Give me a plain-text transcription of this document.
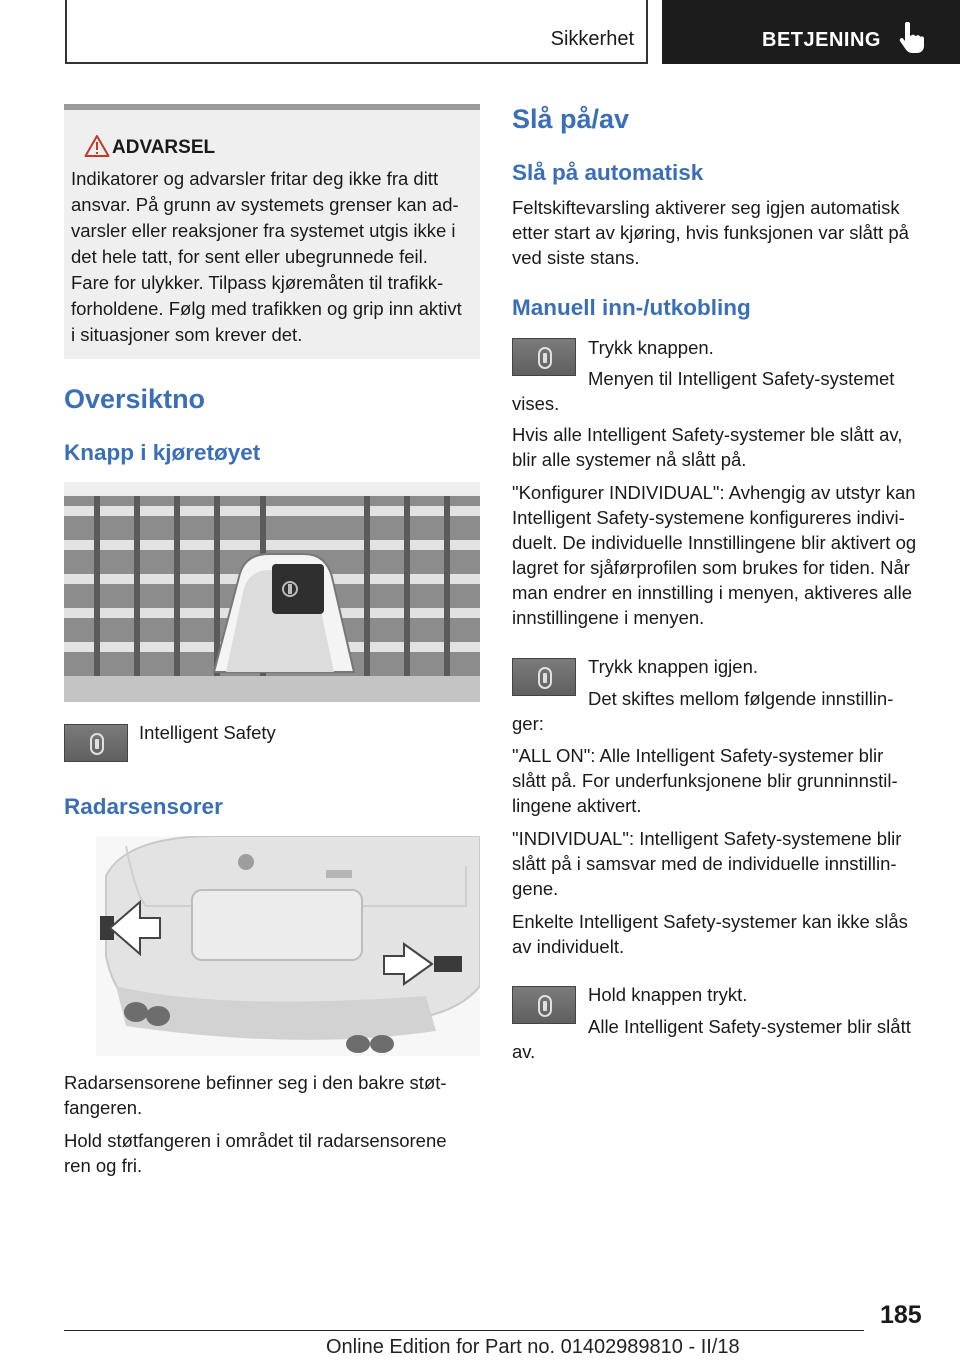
Sikkerhet	BETJENING
ADVARSEL
Indikatorer og advarsler fritar deg ikke fra ditt
ansvar. På grunn av systemets grenser kan ad-
varsler eller reaksjoner fra systemet utgis ikke i
det hele tatt, for sent eller ubegrunnede feil.
Fare for ulykker. Tilpass kjøremåten til trafikk-
forholdene. Følg med trafikken og grip inn aktivt
i situasjoner som krever det.
Oversiktno
Knapp i kjøretøyet

Intelligent Safety

Radarsensorer
Radarsensorene befinner seg i den bakre støt-
fangeren.
Hold støtfangeren i området til radarsensorene
ren og fri.
Slå på/av
Slå på automatisk
Feltskiftevarsling aktiverer seg igjen automatisk
etter start av kjøring, hvis funksjonen var slått på
ved siste stans.
Manuell inn-/utkobling

Trykk knappen.

Menyen til Intelligent Safety-systemet

vises.

Hvis alle Intelligent Safety-systemer ble slått av,
blir alle systemer nå slått på.
"Konfigurer INDIVIDUAL": Avhengig av utstyr kan
Intelligent Safety-systemene konfigureres indivi-
duelt. De individuelle Innstillingene blir aktivert og
lagret for sjåførprofilen som brukes for tiden. Når
man endrer en innstilling i menyen, aktiveres alle
innstillingene i menyen.

Trykk knappen igjen.

Det skiftes mellom følgende innstillin-

ger:

"ALL ON": Alle Intelligent Safety-systemer blir
slått på. For underfunksjonene blir grunninnstil-
lingene aktivert.
"INDIVIDUAL": Intelligent Safety-systemene blir
slått på i samsvar med de individuelle innstillin-
gene.
Enkelte Intelligent Safety-systemer kan ikke slås
av individuelt.

Hold knappen trykt.

Alle Intelligent Safety-systemer blir slått

av.

185
Online Edition for Part no. 01402989810 - II/18
